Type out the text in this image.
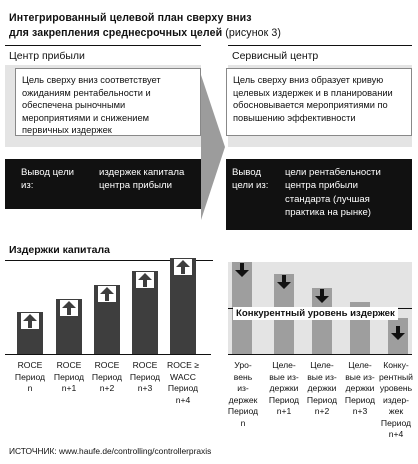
Интегрированный целевой план сверху вниз
для закрепления среднесрочных целей (рисунок 3)
Центр прибыли	Сервисный центр
Цель сверху вниз соответствует ожиданиям рентабельности и обеспечена рыночными мероприятиями и снижением первичных издержек
Цель сверху вниз образует кривую целевых издержек и в планировании обосновывается мероприятиями по повышению эффективности
Вывод цели из:
издержек капитала центра прибыли
Вывод цели из:
цели рентабельности центра прибыли
стандарта (лучшая практика на рынке)
Издержки капитала
Конкурентный уровень издержек
ROCE
Период
n
ROCE
Период
n+1
ROCE
Период
n+2
ROCE
Период
n+3
ROCE ≥
WACC
Период
n+4
Уро-
вень
из-
держек
Период
n
Целе-
вые из-
держки
Период
n+1
Целе-
вые из-
держки
Период
n+2
Целе-
вые из-
держки
Период
n+3
Конку-
рентный
уровень
издер-
жек
Период
n+4
ИСТОЧНИК: www.haufe.de/controlling/controllerpraxis
